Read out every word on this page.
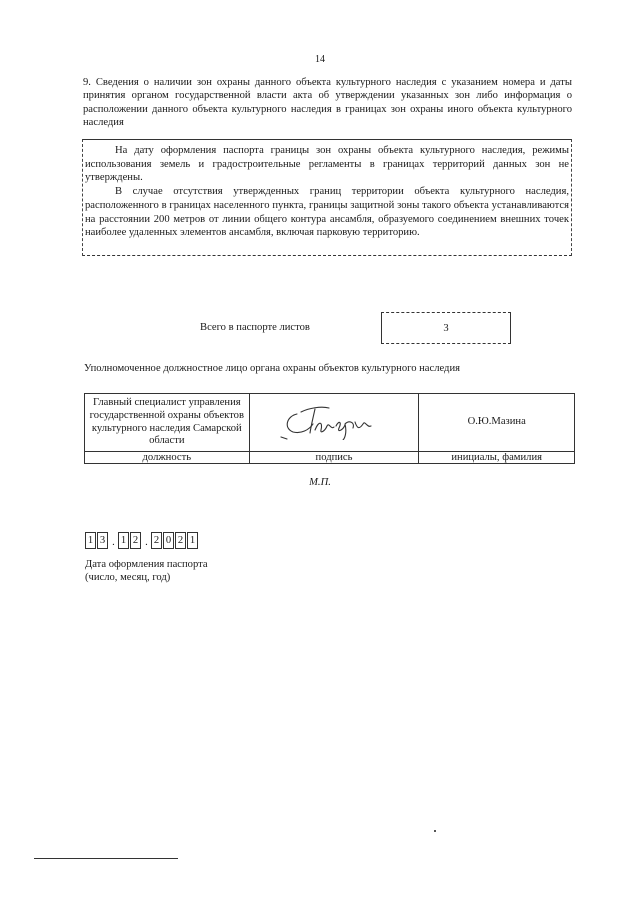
14
9. Сведения о наличии зон охраны данного объекта культурного наследия с указанием номера и даты принятия органом государственной власти акта об утверждении указанных зон либо информация о расположении данного объекта культурного наследия в границах зон охраны иного объекта культурного наследия

На дату оформления паспорта границы зон охраны объекта культурного наследия, режимы использования земель и градостроительные регламенты в границах территорий данных зон не утверждены.

В случае отсутствия утвержденных границ территории объекта культурного наследия, расположенного в границах населенного пункта, границы защитной зоны такого объекта устанавливаются на расстоянии 200 метров от линии общего контура ансамбля, образуемого соединением внешних точек наиболее удаленных элементов ансамбля, включая парковую территорию.

Всего в паспорте листов	3
Уполномоченное должностное лицо органа охраны объектов культурного наследия
Главный специалист управления государственной охраны объектов культурного наследия Самарской области		О.Ю.Мазина
должность	подпись	инициалы, фамилия
М.П.
1 3 . 1 2 . 2 0 2 1
Дата оформления паспорта
(число, месяц, год)
